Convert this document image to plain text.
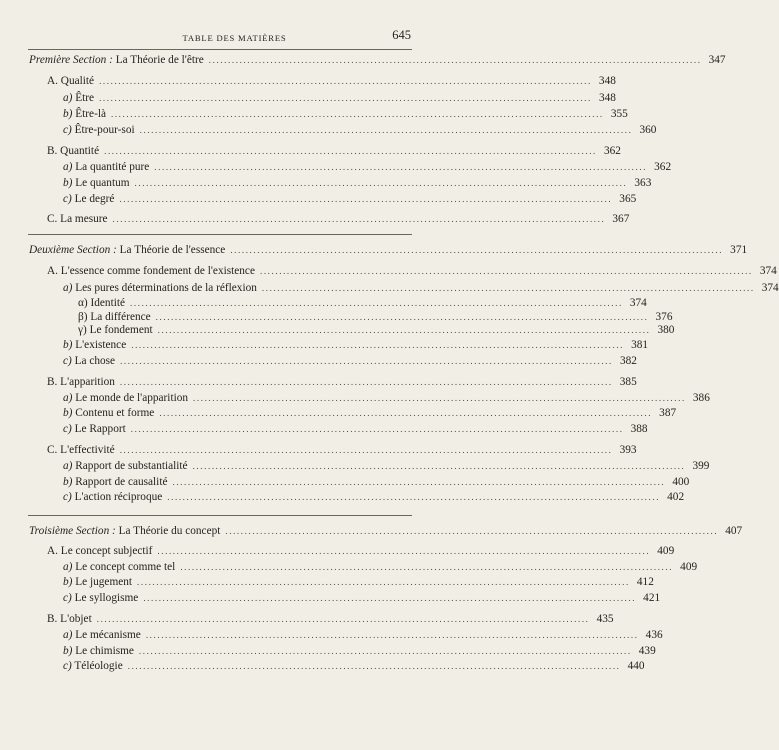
TABLE DES MATIÈRES	645
Première Section : La Théorie de l'être ................................................................................................................................ 347
A. Qualité ................................................................................................................................ 348
a) Être ................................................................................................................................ 348
b) Être-là ................................................................................................................................ 355
c) Être-pour-soi ................................................................................................................................ 360
B. Quantité ................................................................................................................................ 362
a) La quantité pure ................................................................................................................................ 362
b) Le quantum ................................................................................................................................ 363
c) Le degré ................................................................................................................................ 365
C. La mesure ................................................................................................................................ 367
Deuxième Section : La Théorie de l'essence ................................................................................................................................ 371
A. L'essence comme fondement de l'existence ................................................................................................................................ 374
a) Les pures déterminations de la réflexion ................................................................................................................................ 374
α) Identité ................................................................................................................................ 374
β) La différence ................................................................................................................................ 376
γ) Le fondement ................................................................................................................................ 380
b) L'existence ................................................................................................................................ 381
c) La chose ................................................................................................................................ 382
B. L'apparition ................................................................................................................................ 385
a) Le monde de l'apparition ................................................................................................................................ 386
b) Contenu et forme ................................................................................................................................ 387
c) Le Rapport ................................................................................................................................ 388
C. L'effectivité ................................................................................................................................ 393
a) Rapport de substantialité ................................................................................................................................ 399
b) Rapport de causalité ................................................................................................................................ 400
c) L'action réciproque ................................................................................................................................ 402
Troisième Section : La Théorie du concept ................................................................................................................................ 407
A. Le concept subjectif ................................................................................................................................ 409
a) Le concept comme tel ................................................................................................................................ 409
b) Le jugement ................................................................................................................................ 412
c) Le syllogisme ................................................................................................................................ 421
B. L'objet ................................................................................................................................ 435
a) Le mécanisme ................................................................................................................................ 436
b) Le chimisme ................................................................................................................................ 439
c) Téléologie ................................................................................................................................ 440
